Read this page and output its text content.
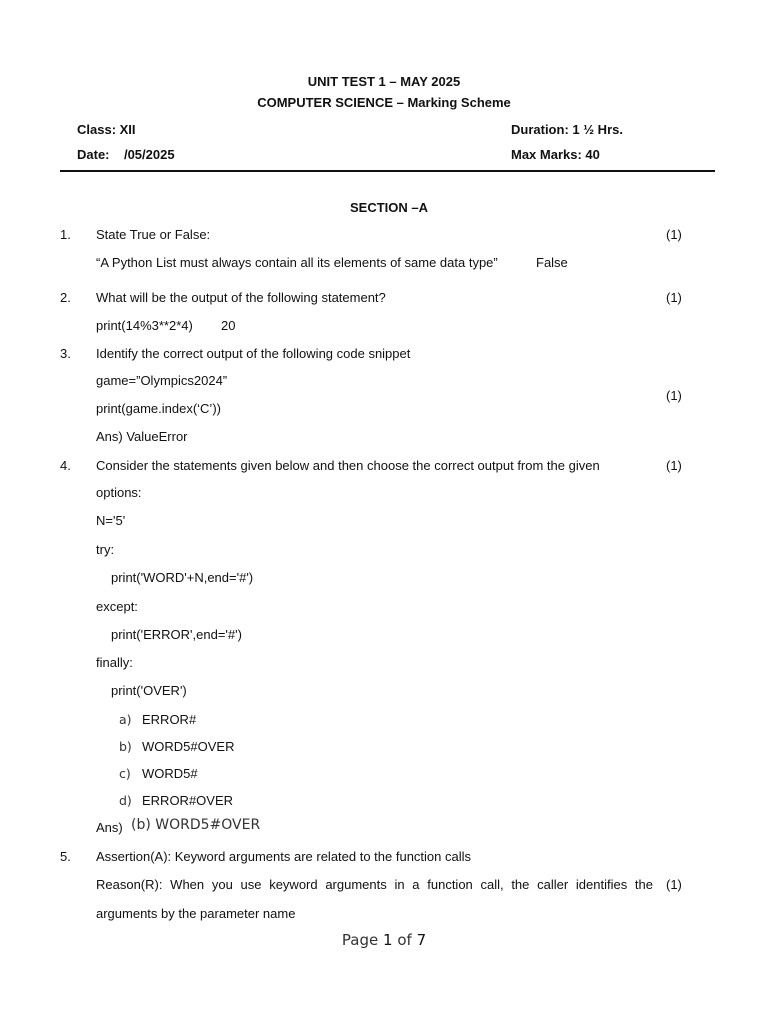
UNIT TEST 1 – MAY 2025
COMPUTER SCIENCE – Marking Scheme
Class: XII	Duration: 1 ½ Hrs.
Date:    /05/2025	Max Marks: 40
SECTION –A
1. State True or False:	(1)
“A Python List must always contain all its elements of same data type”	False
2. What will be the output of the following statement?	(1)
print(14%3**2*4) 20
3. Identify the correct output of the following code snippet
game=”Olympics2024”
print(game.index(‘C’))
(1)
Ans) ValueError
4. Consider the statements given below and then choose the correct output from the given	(1)
options:
N='5'
try:
print('WORD'+N,end='#')
except:
print('ERROR',end='#')
finally:
print('OVER')
a) ERROR#
b) WORD5#OVER
c) WORD5#
d) ERROR#OVER
Ans) (b) WORD5#OVER
5. Assertion(A): Keyword arguments are related to the function calls
Reason(R): When you use keyword arguments in a function call, the caller identifies the (1)
arguments by the parameter name
Page 1 of 7
